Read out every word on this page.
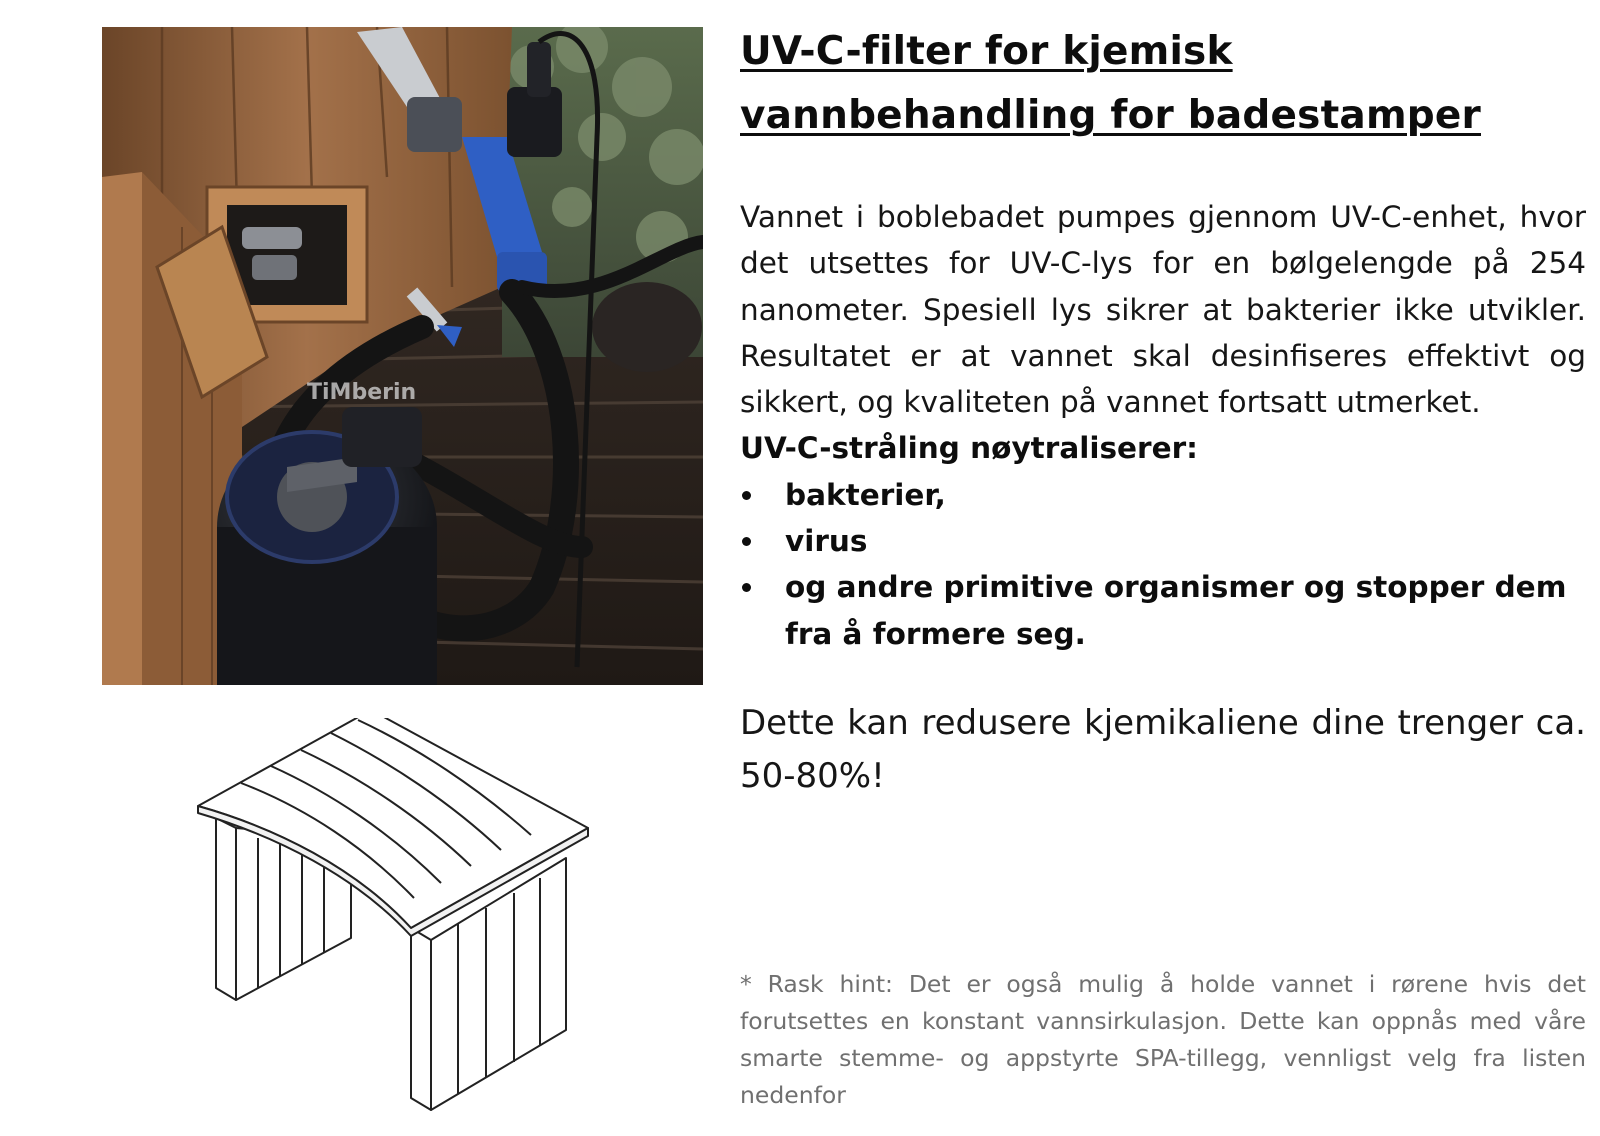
TiMberin
UV-C-filter for kjemisk vannbehandling for badestamper
Vannet i boblebadet pumpes gjennom UV-C-enhet, hvor det utsettes for UV-C-lys for en bølgelengde på 254 nanometer. Spesiell lys sikrer at bakterier ikke utvikler. Resultatet er at vannet skal desinfiseres effektivt og sikkert, og kvaliteten på vannet fortsatt utmerket.

UV-C-stråling nøytraliserer:

bakterier,
virus
og andre primitive organismer og stopper dem fra å formere seg.
Dette kan redusere kjemikaliene dine trenger ca. 50-80%!
* Rask hint: Det er også mulig å holde vannet i rørene hvis det forutsettes en konstant vannsirkulasjon. Dette kan oppnås med våre smarte stemme- og appstyrte SPA-tillegg, vennligst velg fra listen nedenfor
